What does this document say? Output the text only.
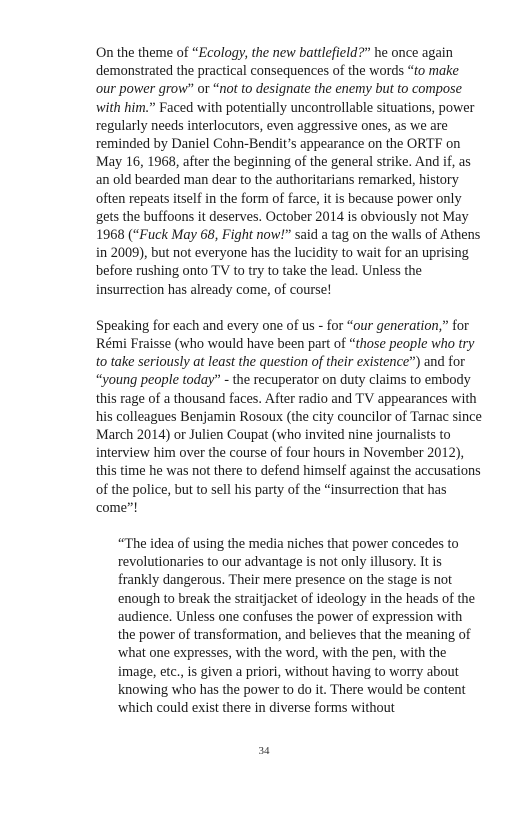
On the theme of “Ecology, the new battlefield?” he once again demonstrated the practical consequences of the words “to make our power grow” or “not to designate the enemy but to compose with him.” Faced with potentially uncontrollable situations, power regularly needs interlocutors, even aggressive ones, as we are reminded by Daniel Cohn-Bendit’s appearance on the ORTF on May 16, 1968, after the beginning of the general strike. And if, as an old bearded man dear to the authoritarians remarked, history often repeats itself in the form of farce, it is because power only gets the buffoons it deserves. October 2014 is obviously not May 1968 (“Fuck May 68, Fight now!” said a tag on the walls of Athens in 2009), but not everyone has the lucidity to wait for an uprising before rushing onto TV to try to take the lead. Unless the insurrection has already come, of course!

Speaking for each and every one of us - for “our generation,” for Rémi Fraisse (who would have been part of “those people who try to take seriously at least the question of their existence”) and for “young people today” - the recuperator on duty claims to embody this rage of a thousand faces. After radio and TV appearances with his colleagues Benjamin Rosoux (the city councilor of Tarnac since March 2014) or Julien Coupat (who invited nine journalists to interview him over the course of four hours in November 2012), this time he was not there to defend himself against the accusations of the police, but to sell his party of the “insurrection that has come”!

“The idea of using the media niches that power concedes to revolutionaries to our advantage is not only illusory. It is frankly dangerous. Their mere presence on the stage is not enough to break the straitjacket of ideology in the heads of the audience. Unless one confuses the power of expression with the power of transformation, and believes that the meaning of what one expresses, with the word, with the pen, with the image, etc., is given a priori, without having to worry about knowing who has the power to do it. There would be content which could exist there in diverse forms without
34
